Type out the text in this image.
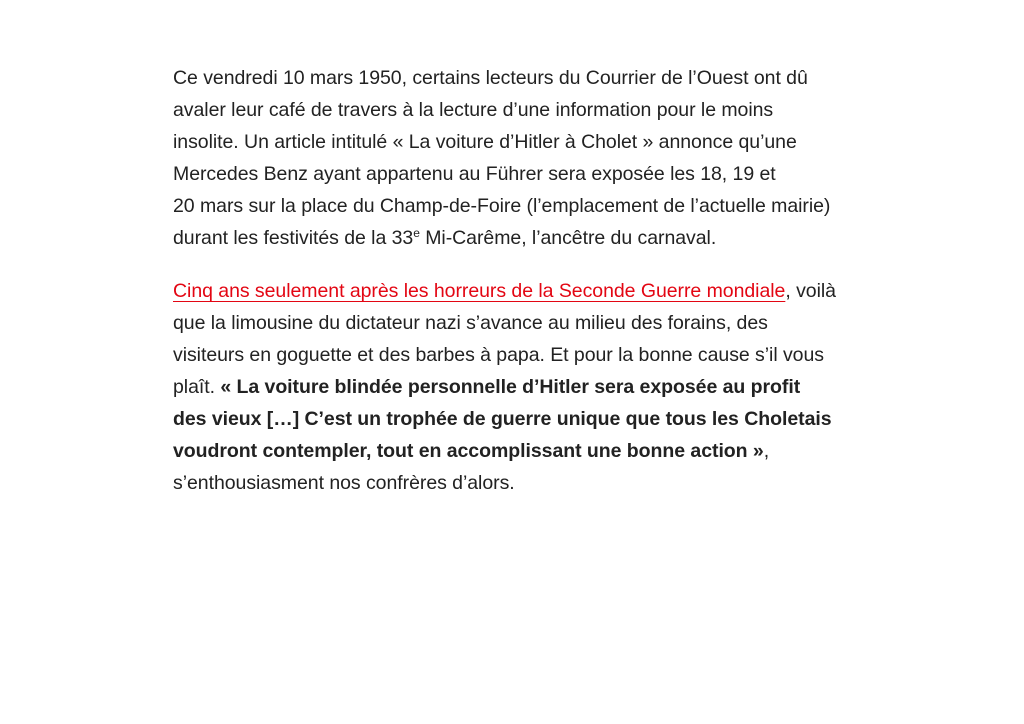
Ce vendredi 10 mars 1950, certains lecteurs du Courrier de l’Ouest ont dû
avaler leur café de travers à la lecture d’une information pour le moins
insolite. Un article intitulé « La voiture d’Hitler à Cholet » annonce qu’une
Mercedes Benz ayant appartenu au Führer sera exposée les 18, 19 et
20 mars sur la place du Champ-de-Foire (l’emplacement de l’actuelle mairie)
durant les festivités de la 33e Mi-Carême, l’ancêtre du carnaval.

Cinq ans seulement après les horreurs de la Seconde Guerre mondiale, voilà
que la limousine du dictateur nazi s’avance au milieu des forains, des
visiteurs en goguette et des barbes à papa. Et pour la bonne cause s’il vous
plaît. « La voiture blindée personnelle d’Hitler sera exposée au profit
des vieux […] C’est un trophée de guerre unique que tous les Choletais
voudront contempler, tout en accomplissant une bonne action »,
s’enthousiasment nos confrères d’alors.
